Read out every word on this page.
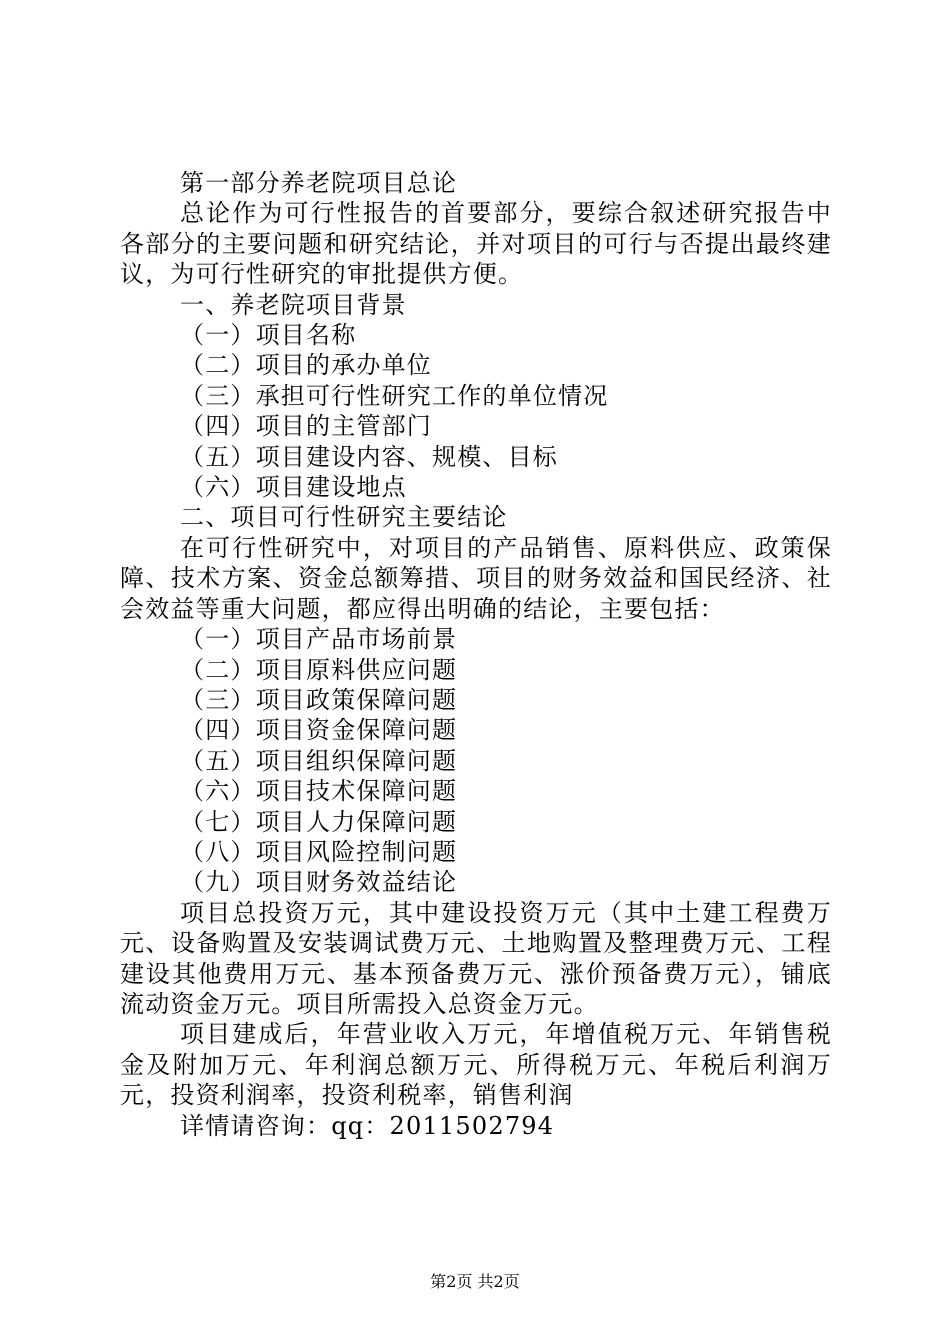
第一部分养老院项目总论

总论作为可行性报告的首要部分，要综合叙述研究报告中各部分的主要问题和研究结论，并对项目的可行与否提出最终建议，为可行性研究的审批提供方便。

一、养老院项目背景

（一）项目名称

（二）项目的承办单位

（三）承担可行性研究工作的单位情况

（四）项目的主管部门

（五）项目建设内容、规模、目标

（六）项目建设地点

二、项目可行性研究主要结论

在可行性研究中，对项目的产品销售、原料供应、政策保障、技术方案、资金总额筹措、项目的财务效益和国民经济、社会效益等重大问题，都应得出明确的结论，主要包括：

（一）项目产品市场前景

（二）项目原料供应问题

（三）项目政策保障问题

（四）项目资金保障问题

（五）项目组织保障问题

（六）项目技术保障问题

（七）项目人力保障问题

（八）项目风险控制问题

（九）项目财务效益结论

项目总投资万元，其中建设投资万元（其中土建工程费万元、设备购置及安装调试费万元、土地购置及整理费万元、工程建设其他费用万元、基本预备费万元、涨价预备费万元），铺底流动资金万元。项目所需投入总资金万元。

项目建成后，年营业收入万元，年增值税万元、年销售税金及附加万元、年利润总额万元、所得税万元、年税后利润万元，投资利润率，投资利税率，销售利润

详情请咨询：qq：2011502794

第2页 共2页
